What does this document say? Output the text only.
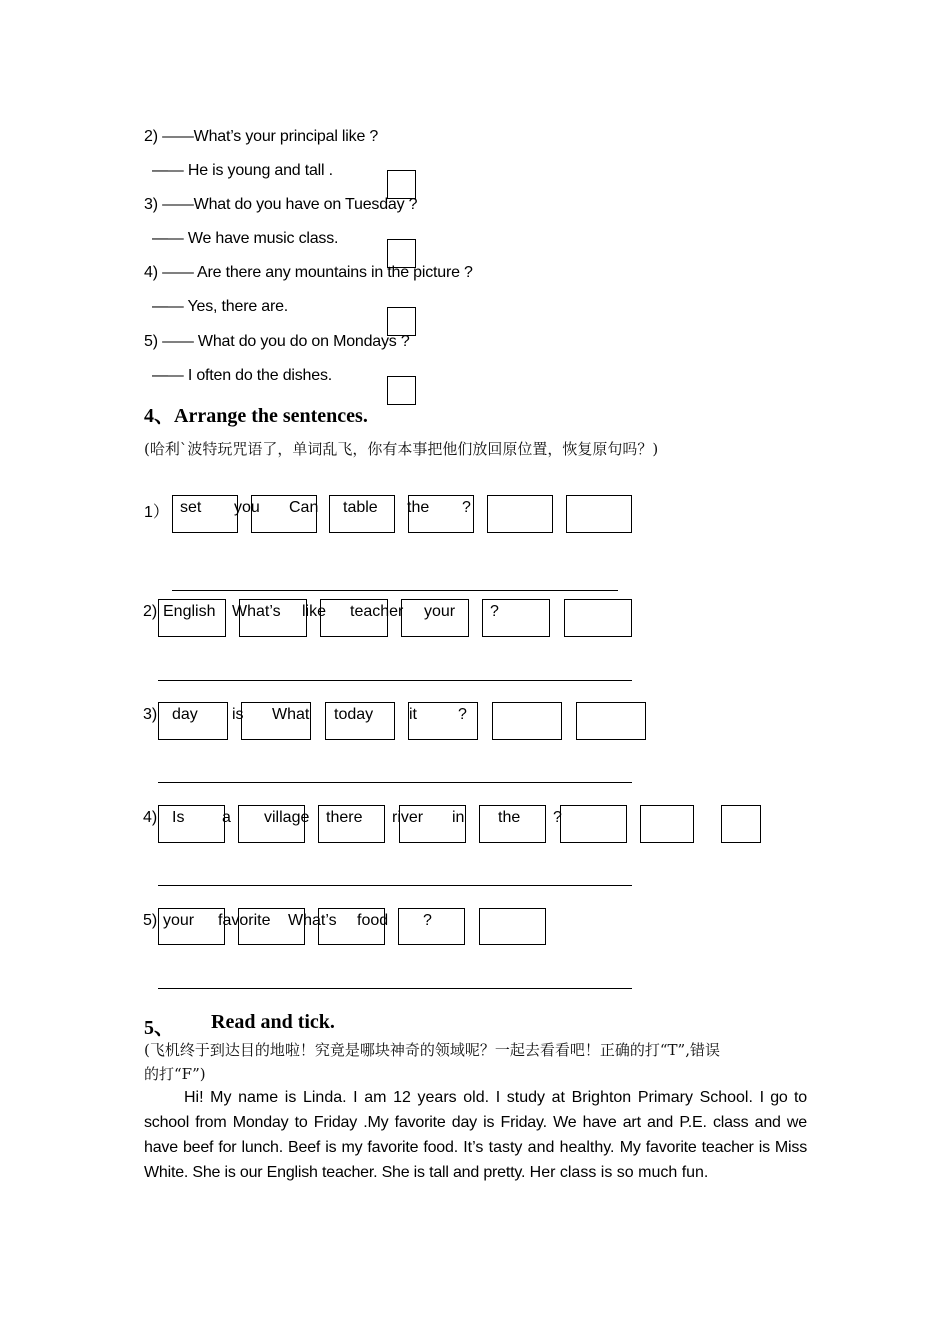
2) ——What’s your principal like ?
—— He is young and tall .
3) ——What do you have on Tuesday ?
—— We have music class.
4) —— Are there any mountains in the picture ?
—— Yes, there are.
5) —— What do you do on Mondays ?
—— I often do the dishes.
4、Arrange the sentences.
(哈利`波特玩咒语了，单词乱飞，你有本事把他们放回原位置，恢复原句吗？)
1） set you Can table the ?
2) English What’s like teacher your ?
3) day is What today it	?
4) Is a village there river in the ?
5) your favorite What’s food ?
5、 Read and tick.
(飞机终于到达目的地啦！究竟是哪块神奇的领域呢？一起去看看吧！正确的打“T”,错误
的打“F”)
Hi! My name is Linda. I am 12 years old. I study at Brighton Primary School. I go to school from Monday to Friday .My favorite day is Friday. We have art and P.E. class and we have beef for lunch. Beef is my favorite food. It’s tasty and healthy. My favorite teacher is Miss White. She is our English teacher. She is tall and pretty. Her class is so much fun.
